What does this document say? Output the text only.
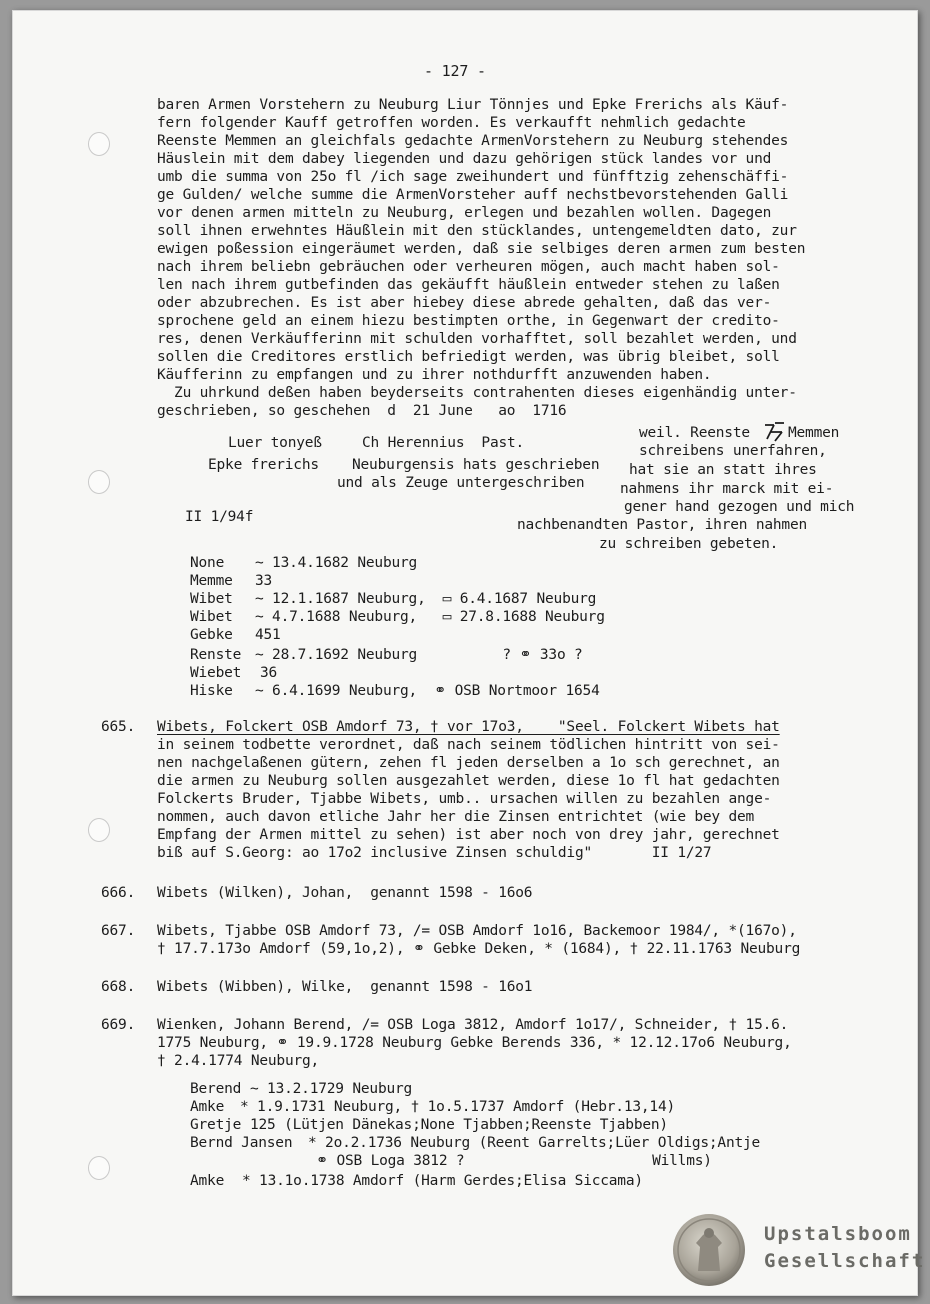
- 127 -
baren Armen Vorstehern zu Neuburg Liur Tönnjes und Epke Frerichs als Käuf-
fern folgender Kauff getroffen worden. Es verkaufft nehmlich gedachte
Reenste Memmen an gleichfals gedachte ArmenVorstehern zu Neuburg stehendes
Häuslein mit dem dabey liegenden und dazu gehörigen stück landes vor und
umb die summa von 25o fl /ich sage zweihundert und fünfftzig zehenschäffi-
ge Gulden/ welche summe die ArmenVorsteher auff nechstbevorstehenden Galli
vor denen armen mitteln zu Neuburg, erlegen und bezahlen wollen. Dagegen
soll ihnen erwehntes Häußlein mit den stücklandes, untengemeldten dato, zur
ewigen poßession eingeräumet werden, daß sie selbiges deren armen zum besten
nach ihrem beliebn gebräuchen oder verheuren mögen, auch macht haben sol-
len nach ihrem gutbefinden das gekäufft häußlein entweder stehen zu laßen
oder abzubrechen. Es ist aber hiebey diese abrede gehalten, daß das ver-
sprochene geld an einem hiezu bestimpten orthe, in Gegenwart der credito-
res, denen Verkäufferinn mit schulden vorhafftet, soll bezahlet werden, und
sollen die Creditores erstlich befriedigt werden, was übrig bleibet, soll
Käufferinn zu empfangen und zu ihrer nothdurfft anzuwenden haben.
Zu uhrkund deßen haben beyderseits contrahenten dieses eigenhändig unter-
geschrieben, so geschehen  d  21 June   ao  1716
Luer tonyeß
Epke frerichs
Ch Herennius  Past.
Neuburgensis hats geschrieben
und als Zeuge untergeschriben
weil. Reenste	Memmen
schreibens unerfahren,
hat sie an statt ihres
nahmens ihr marck mit ei-
gener hand gezogen und mich
nachbenandten Pastor, ihren nahmen
zu schreiben gebeten.
II 1/94f
None ~ 13.4.1682 Neuburg
Memme 33
Wibet ~ 12.1.1687 Neuburg,  ▭ 6.4.1687 Neuburg
Wibet ~ 4.7.1688 Neuburg,   ▭ 27.8.1688 Neuburg
Gebke 451
Renste ~ 28.7.1692 Neuburg          ? ⚭ 33o ?
Wiebet 36
Hiske ~ 6.4.1699 Neuburg,  ⚭ OSB Nortmoor 1654
665. Wibets, Folckert OSB Amdorf 73, † vor 17o3,    "Seel. Folckert Wibets hat
in seinem todbette verordnet, daß nach seinem tödlichen hintritt von sei-
nen nachgelaßenen gütern, zehen fl jeden derselben a 1o sch gerechnet, an
die armen zu Neuburg sollen ausgezahlet werden, diese 1o fl hat gedachten
Folckerts Bruder, Tjabbe Wibets, umb.. ursachen willen zu bezahlen ange-
nommen, auch davon etliche Jahr her die Zinsen entrichtet (wie bey dem
Empfang der Armen mittel zu sehen) ist aber noch von drey jahr, gerechnet
biß auf S.Georg: ao 17o2 inclusive Zinsen schuldig"       II 1/27
666. Wibets (Wilken), Johan,  genannt 1598 - 16o6
667. Wibets, Tjabbe OSB Amdorf 73, /= OSB Amdorf 1o16, Backemoor 1984/, *(167o),
† 17.7.173o Amdorf (59,1o,2), ⚭ Gebke Deken, * (1684), † 22.11.1763 Neuburg
668. Wibets (Wibben), Wilke,  genannt 1598 - 16o1
669. Wienken, Johann Berend, /= OSB Loga 3812, Amdorf 1o17/, Schneider, † 15.6.
1775 Neuburg, ⚭ 19.9.1728 Neuburg Gebke Berends 336, * 12.12.17o6 Neuburg,
† 2.4.1774 Neuburg,
Berend ~ 13.2.1729 Neuburg
Amke * 1.9.1731 Neuburg, † 1o.5.1737 Amdorf (Hebr.13,14)
Gretje 125 (Lütjen Dänekas;None Tjabben;Reenste Tjabben)
Bernd Jansen * 2o.2.1736 Neuburg (Reent Garrelts;Lüer Oldigs;Antje
⚭ OSB Loga 3812 ?                      Willms)
Amke * 13.1o.1738 Amdorf (Harm Gerdes;Elisa Siccama)
Upstalsboom
Gesellschaft
